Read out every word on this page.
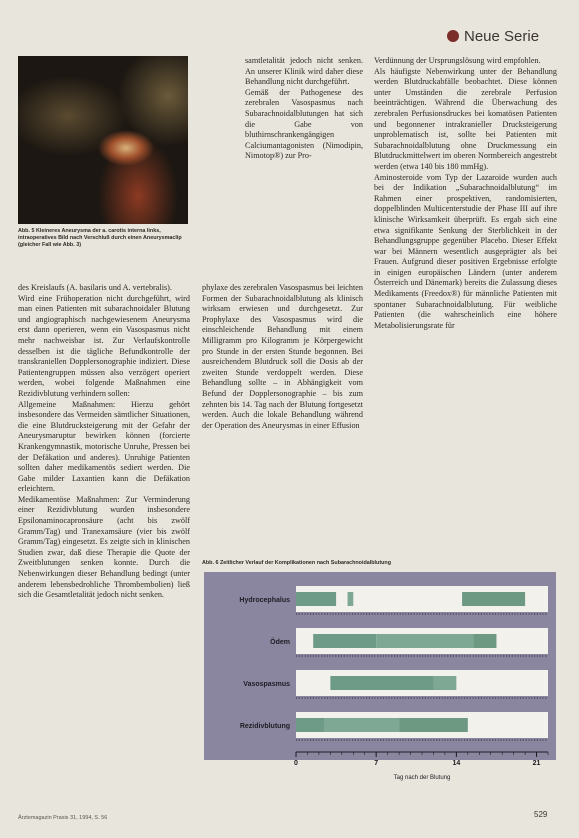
Neue Serie
Abb. 5 Kleineres Aneurysma der a. carotis interna links, intraoperatives Bild nach Verschluß durch einen Aneurysmaclip (gleicher Fall wie Abb. 3)

des Kreislaufs (A. basilaris und A. vertebralis).

Wird eine Frühoperation nicht durchgeführt, wird man einen Patienten mit subarachnoidaler Blutung und angiographisch nachgewiesenem Aneurysma erst dann operieren, wenn ein Vasospasmus nicht mehr nachweisbar ist. Zur Verlaufskontrolle desselben ist die tägliche Befundkontrolle der transkraniellen Dopplersonographie indiziert. Diese Patientengruppen müssen also verzögert operiert werden, wobei folgende Maßnahmen eine Rezidivblutung verhindern sollen:

Allgemeine Maßnahmen: Hierzu gehört insbesondere das Vermeiden sämtlicher Situationen, die eine Blutdrucksteigerung mit der Gefahr der Aneurysmaruptur bewirken können (forcierte Krankengymnastik, motorische Unruhe, Pressen bei der Defäkation und anderes). Unruhige Patienten sollten daher medikamentös sediert werden. Die Gabe milder Laxantien kann die Defäkation erleichtern.

Medikamentöse Maßnahmen: Zur Verminderung einer Rezidivblutung wurden insbesondere Epsilonaminocapronsäure (acht bis zwölf Gramm/Tag) und Tranexamsäure (vier bis zwölf Gramm/Tag) eingesetzt. Es zeigte sich in klinischen Studien zwar, daß diese Therapie die Quote der Zweitblutungen senken konnte. Durch die Nebenwirkungen dieser Behandlung bedingt (unter anderem lebensbedrohliche Thrombembolien) ließ sich die Gesamtletalität jedoch nicht senken.

samtletalität jedoch nicht senken. An unserer Klinik wird daher diese Behandlung nicht durchgeführt.

Gemäß der Pathogenese des zerebralen Vasospasmus nach Subarachnoidalblutungen hat sich die Gabe von bluthirnschrankengängigen Calciumantagonisten (Nimodipin, Nimotop®) zur Pro-

phylaxe des zerebralen Vasospasmus bei leichten Formen der Subarachnoidalblutung als klinisch wirksam erwiesen und durchgesetzt. Zur Prophylaxe des Vasospasmus wird die einschleichende Behandlung mit einem Milligramm pro Kilogramm je Körpergewicht pro Stunde in der ersten Stunde begonnen. Bei ausreichendem Blutdruck soll die Dosis ab der zweiten Stunde verdoppelt werden. Diese Behandlung sollte – in Abhängigkeit vom Befund der Dopplersonographie – bis zum zehnten bis 14. Tag nach der Blutung fortgesetzt werden. Auch die lokale Behandlung während der Operation des Aneurysmas in einer Effusion

Verdünnung der Ursprungslösung wird empfohlen.

Als häufigste Nebenwirkung unter der Behandlung werden Blutdruckabfälle beobachtet. Diese können unter Umständen die zerebrale Perfusion beeinträchtigen. Während die Überwachung des zerebralen Perfusionsdruckes bei komatösen Patienten und begonnener intrakranieller Drucksteigerung unproblematisch ist, sollte bei Patienten mit Subarachnoidalblutung ohne Druckmessung ein Blutdruckmittelwert im oberen Normbereich angestrebt werden (etwa 140 bis 180 mmHg).

Aminosteroide vom Typ der Lazaroide wurden auch bei der Indikation „Subarachnoidalblutung“ im Rahmen einer prospektiven, randomisierten, doppelblinden Multicenterstudie der Phase III auf ihre klinische Wirksamkeit überprüft. Es ergab sich eine etwa signifikante Senkung der Sterblichkeit in der Behandlungsgruppe gegenüber Placebo. Dieser Effekt war bei Männern wesentlich ausgeprägter als bei Frauen. Aufgrund dieser positiven Ergebnisse erfolgte in einigen europäischen Ländern (unter anderem Österreich und Dänemark) bereits die Zulassung dieses Medikaments (Freedox®) für männliche Patienten mit spontaner Subarachnoidalblutung. Für weibliche Patienten (die wahrscheinlich eine höhere Metabolisierungsrate für

Abb. 6 Zeitlicher Verlauf der Komplikationen nach Subarachnoidalblutung
Hydrocephalus
Ödem
Vasospasmus
Rezidivblutung
0	7	14	21
Tag nach der Blutung
Ärztemagazin Praxis 31, 1994, S. 56	529
